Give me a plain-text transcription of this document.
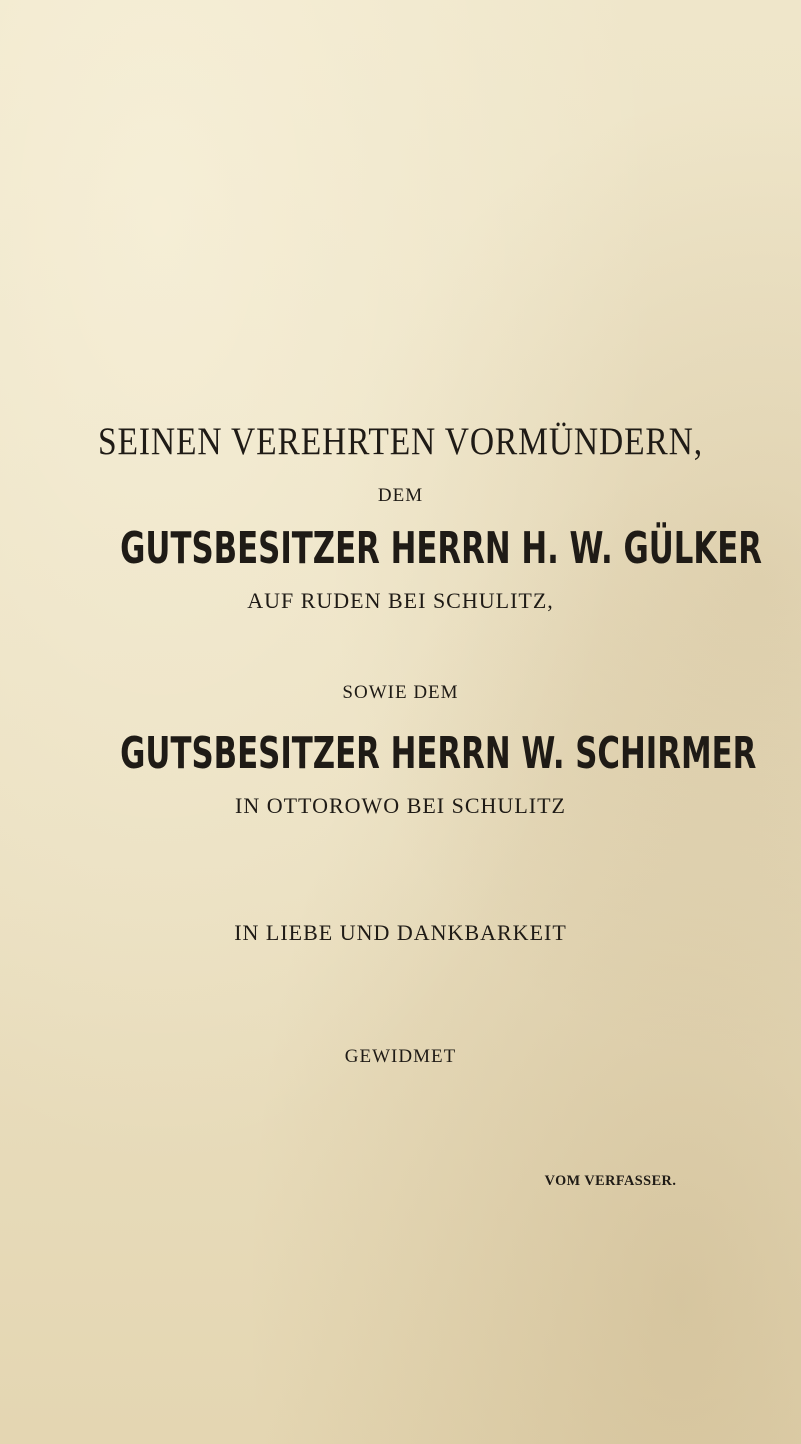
SEINEN VEREHRTEN VORMÜNDERN,
DEM
GUTSBESITZER HERRN H. W. GÜLKER
AUF RUDEN BEI SCHULITZ,
SOWIE DEM
GUTSBESITZER HERRN W. SCHIRMER
IN OTTOROWO BEI SCHULITZ
IN LIEBE UND DANKBARKEIT
GEWIDMET
VOM VERFASSER.
